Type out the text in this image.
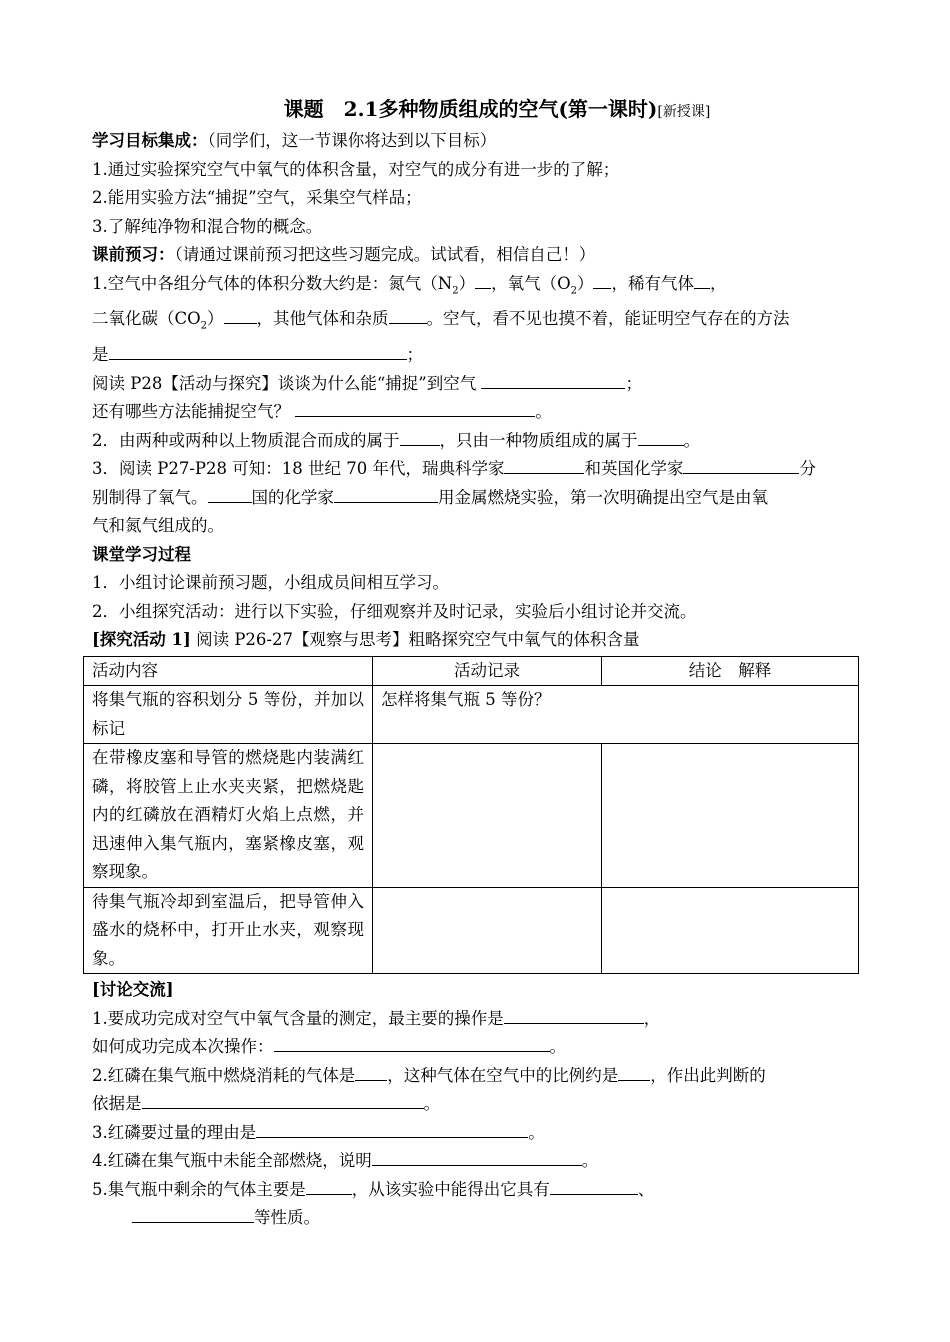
课题　2.1多种物质组成的空气(第一课时)[新授课]
学习目标集成：（同学们，这一节课你将达到以下目标）
1.通过实验探究空气中氧气的体积含量，对空气的成分有进一步的了解；
2.能用实验方法“捕捉”空气，采集空气样品；
3.了解纯净物和混合物的概念。
课前预习：（请通过课前预习把这些习题完成。试试看，相信自己！）
1.空气中各组分气体的体积分数大约是：氮气$(N_2)$ ，氧气$(O_2)$ ，稀有气体 ，
二氧化碳$(CO_2)$ ，其他气体和杂质 。空气，看不见也摸不着，能证明空气存在的方法
是	；
阅读 P28【活动与探究】谈谈为什么能“捕捉”到空气	；
还有哪些方法能捕捉空气？	。
2．由两种或两种以上物质混合而成的属于 ，只由一种物质组成的属于	。
3．阅读 P27-P28 可知：18 世纪 70 年代，瑞典科学家	和英国化学家	分
别制得了氧气。	国的化学家	用金属燃烧实验，第一次明确提出空气是由氧
气和氮气组成的。
课堂学习过程
1．小组讨论课前预习题，小组成员间相互学习。
2．小组探究活动：进行以下实验，仔细观察并及时记录，实验后小组讨论并交流。
[探究活动 1] 阅读 P26-27【观察与思考】粗略探究空气中氧气的体积含量
活动内容	活动记录	结论　解释
将集气瓶的容积划分 5 等份，并加以标记	怎样将集气瓶 5 等份？	
在带橡皮塞和导管的燃烧匙内装满红磷，将胶管上止水夹夹紧，把燃烧匙内的红磷放在酒精灯火焰上点燃，并迅速伸入集气瓶内，塞紧橡皮塞，观察现象。		
待集气瓶冷却到室温后，把导管伸入盛水的烧杯中，打开止水夹，观察现象。		
[讨论交流]
1.要成功完成对空气中氧气含量的测定，最主要的操作是	，
如何成功完成本次操作：	。
2.红磷在集气瓶中燃烧消耗的气体是 ，这种气体在空气中的比例约是 ，作出此判断的
依据是	。
3.红磷要过量的理由是	。
4.红磷在集气瓶中未能全部燃烧，说明	。
5.集气瓶中剩余的气体主要是	，从该实验中能得出它具有	、
等性质。
